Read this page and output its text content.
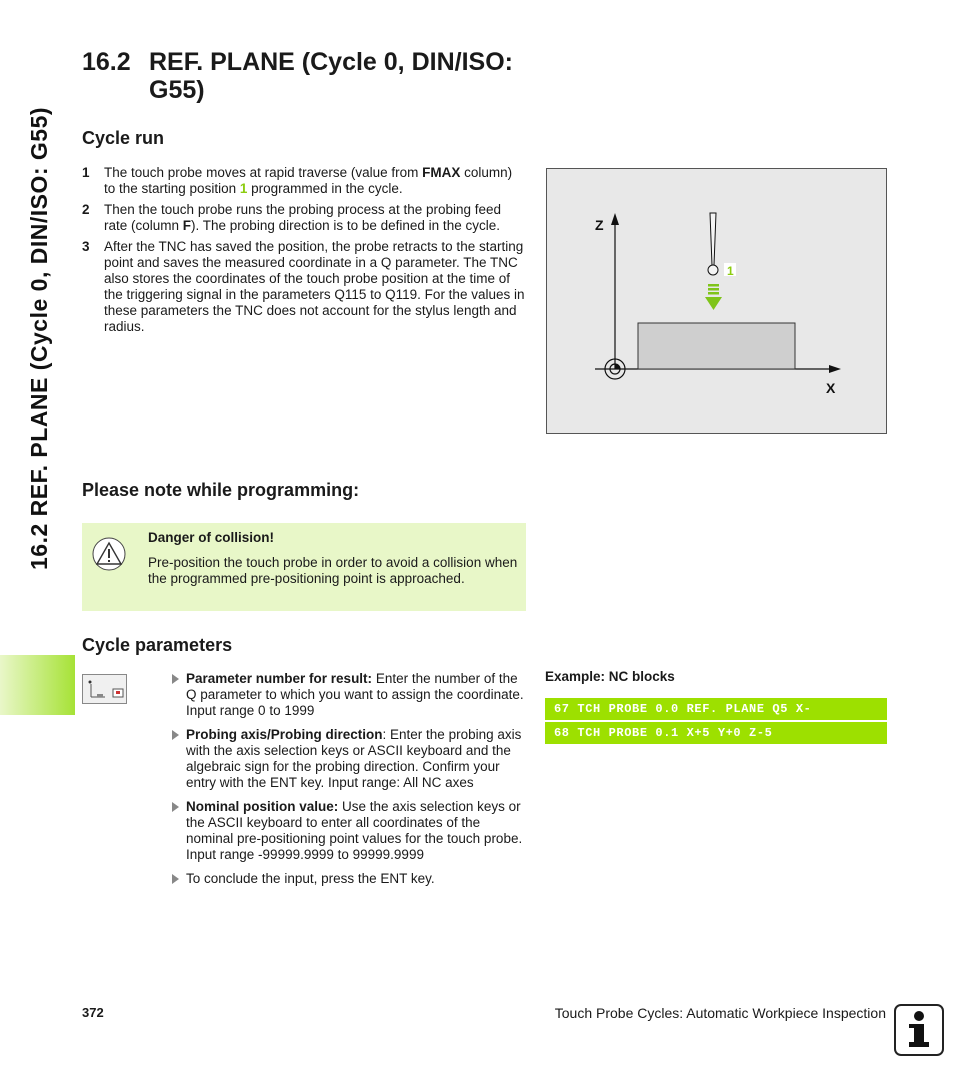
16.2 REF. PLANE (Cycle 0, DIN/ISO: G55)
16.2 REF. PLANE (Cycle 0, DIN/ISO: G55)
Cycle run
1 The touch probe moves at rapid traverse (value from FMAX column) to the starting position 1 programmed in the cycle.
2 Then the touch probe runs the probing process at the probing feed rate (column F). The probing direction is to be defined in the cycle.
3 After the TNC has saved the position, the probe retracts to the starting point and saves the measured coordinate in a Q parameter. The TNC also stores the coordinates of the touch probe position at the time of the triggering signal in the parameters Q115 to Q119. For the values in these parameters the TNC does not account for the stylus length and radius.
Z
X
1
Please note while programming:
Danger of collision!
Pre-position the touch probe in order to avoid a collision when the programmed pre-positioning point is approached.
Cycle parameters
Parameter number for result: Enter the number of the Q parameter to which you want to assign the coordinate. Input range 0 to 1999
Probing axis/Probing direction: Enter the probing axis with the axis selection keys or ASCII keyboard and the algebraic sign for the probing direction. Confirm your entry with the ENT key. Input range: All NC axes
Nominal position value: Use the axis selection keys or the ASCII keyboard to enter all coordinates of the nominal pre-positioning point values for the touch probe. Input range -99999.9999 to 99999.9999
To conclude the input, press the ENT key.
Example: NC blocks
67 TCH PROBE 0.0 REF. PLANE Q5 X-
68 TCH PROBE 0.1 X+5 Y+0 Z-5
372	Touch Probe Cycles: Automatic Workpiece Inspection
